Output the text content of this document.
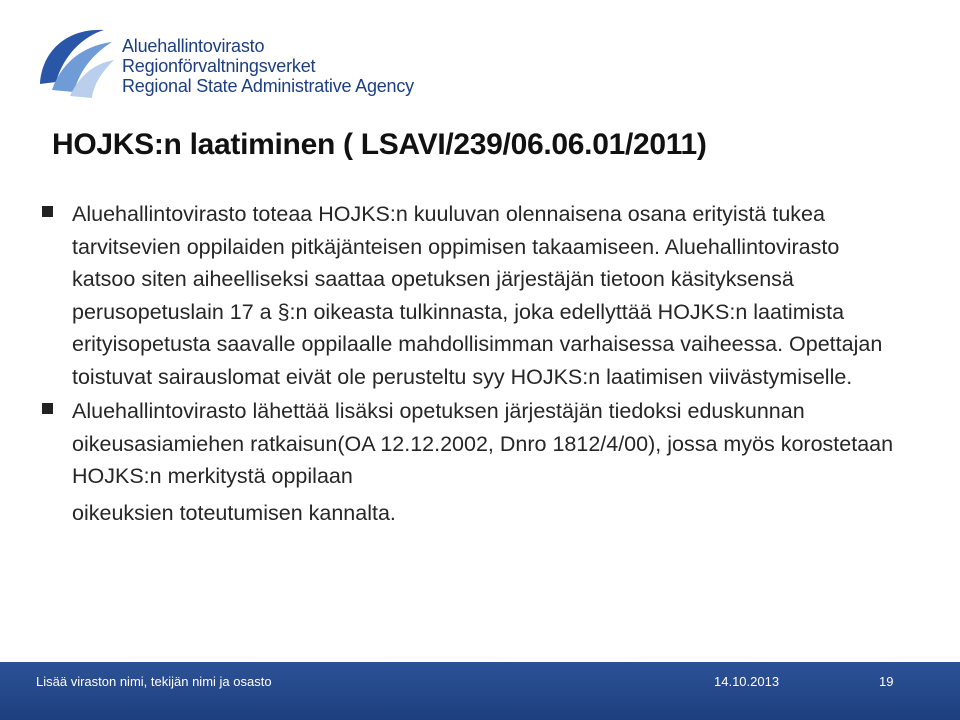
Aluehallintovirasto
Regionförvaltningsverket
Regional State Administrative Agency
HOJKS:n laatiminen ( LSAVI/239/06.06.01/2011)
Aluehallintovirasto toteaa HOJKS:n kuuluvan olennaisena osana erityistä tukea tarvitsevien oppilaiden pitkäjänteisen oppimisen takaamiseen. Aluehallintovirasto katsoo siten aiheelliseksi saattaa opetuksen järjestäjän tietoon käsityksensä perusopetuslain 17 a §:n oikeasta tulkinnasta, joka edellyttää HOJKS:n laatimista erityisopetusta saavalle oppilaalle mahdollisimman varhaisessa vaiheessa. Opettajan toistuvat sairauslomat eivät ole perusteltu syy HOJKS:n laatimisen viivästymiselle.
Aluehallintovirasto lähettää lisäksi opetuksen järjestäjän tiedoksi eduskunnan oikeusasiamiehen ratkaisun(OA 12.12.2002, Dnro 1812/4/00), jossa myös korostetaan HOJKS:n merkitystä oppilaan
oikeuksien toteutumisen kannalta.
Lisää viraston nimi, tekijän nimi ja osasto	14.10.2013	19
